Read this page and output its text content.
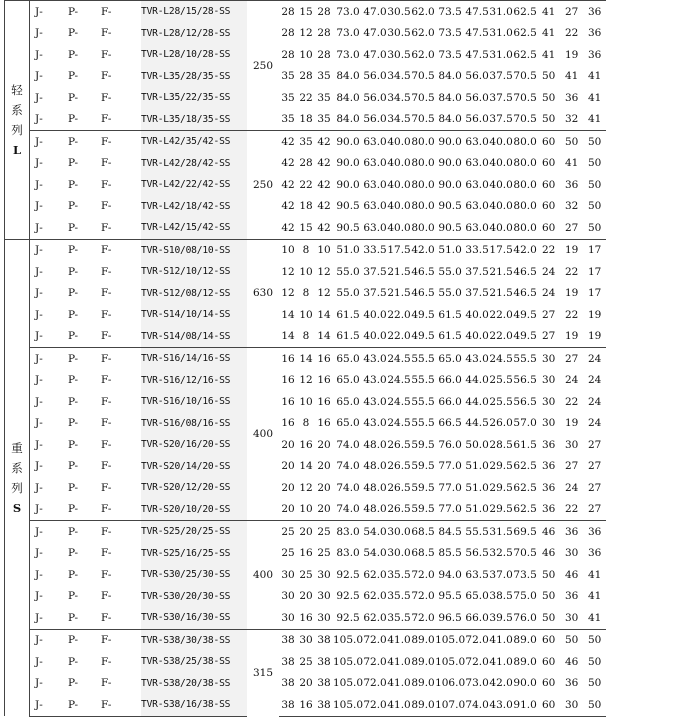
轻
系
列
L	J-	P-	F-	TVR-L28/15/28-SS	250	28	15	28	73.0	47.0	30.5	62.0	73.5	47.5	31.0	62.5	41	27	36
	J-	P-	F-	TVR-L28/12/28-SS		28	12	28	73.0	47.0	30.5	62.0	73.5	47.5	31.0	62.5	41	22	36
	J-	P-	F-	TVR-L28/10/28-SS		28	10	28	73.0	47.0	30.5	62.0	73.5	47.5	31.0	62.5	41	19	36
	J-	P-	F-	TVR-L35/28/35-SS		35	28	35	84.0	56.0	34.5	70.5	84.0	56.0	37.5	70.5	50	41	41
	J-	P-	F-	TVR-L35/22/35-SS		35	22	35	84.0	56.0	34.5	70.5	84.0	56.0	37.5	70.5	50	36	41
	J-	P-	F-	TVR-L35/18/35-SS		35	18	35	84.0	56.0	34.5	70.5	84.0	56.0	37.5	70.5	50	32	41
	J-	P-	F-	TVR-L42/35/42-SS	250	42	35	42	90.0	63.0	40.0	80.0	90.0	63.0	40.0	80.0	60	50	50
	J-	P-	F-	TVR-L42/28/42-SS		42	28	42	90.0	63.0	40.0	80.0	90.0	63.0	40.0	80.0	60	41	50
	J-	P-	F-	TVR-L42/22/42-SS		42	22	42	90.0	63.0	40.0	80.0	90.0	63.0	40.0	80.0	60	36	50
	J-	P-	F-	TVR-L42/18/42-SS		42	18	42	90.5	63.0	40.0	80.0	90.5	63.0	40.0	80.0	60	32	50
	J-	P-	F-	TVR-L42/15/42-SS		42	15	42	90.5	63.0	40.0	80.0	90.5	63.0	40.0	80.0	60	27	50

重
系
列
S	J-	P-	F-	TVR-S10/08/10-SS	630	10	8	10	51.0	33.5	17.5	42.0	51.0	33.5	17.5	42.0	22	19	17
	J-	P-	F-	TVR-S12/10/12-SS		12	10	12	55.0	37.5	21.5	46.5	55.0	37.5	21.5	46.5	24	22	17
	J-	P-	F-	TVR-S12/08/12-SS		12	8	12	55.0	37.5	21.5	46.5	55.0	37.5	21.5	46.5	24	19	17
	J-	P-	F-	TVR-S14/10/14-SS		14	10	14	61.5	40.0	22.0	49.5	61.5	40.0	22.0	49.5	27	22	19
	J-	P-	F-	TVR-S14/08/14-SS		14	8	14	61.5	40.0	22.0	49.5	61.5	40.0	22.0	49.5	27	19	19
	J-	P-	F-	TVR-S16/14/16-SS	400	16	14	16	65.0	43.0	24.5	55.5	65.0	43.0	24.5	55.5	30	27	24
	J-	P-	F-	TVR-S16/12/16-SS		16	12	16	65.0	43.0	24.5	55.5	66.0	44.0	25.5	56.5	30	24	24
	J-	P-	F-	TVR-S16/10/16-SS		16	10	16	65.0	43.0	24.5	55.5	66.0	44.0	25.5	56.5	30	22	24
	J-	P-	F-	TVR-S16/08/16-SS		16	8	16	65.0	43.0	24.5	55.5	66.5	44.5	26.0	57.0	30	19	24
	J-	P-	F-	TVR-S20/16/20-SS		20	16	20	74.0	48.0	26.5	59.5	76.0	50.0	28.5	61.5	36	30	27
	J-	P-	F-	TVR-S20/14/20-SS		20	14	20	74.0	48.0	26.5	59.5	77.0	51.0	29.5	62.5	36	27	27
	J-	P-	F-	TVR-S20/12/20-SS		20	12	20	74.0	48.0	26.5	59.5	77.0	51.0	29.5	62.5	36	24	27
	J-	P-	F-	TVR-S20/10/20-SS		20	10	20	74.0	48.0	26.5	59.5	77.0	51.0	29.5	62.5	36	22	27
	J-	P-	F-	TVR-S25/20/25-SS	400	25	20	25	83.0	54.0	30.0	68.5	84.5	55.5	31.5	69.5	46	36	36
	J-	P-	F-	TVR-S25/16/25-SS		25	16	25	83.0	54.0	30.0	68.5	85.5	56.5	32.5	70.5	46	30	36
	J-	P-	F-	TVR-S30/25/30-SS		30	25	30	92.5	62.0	35.5	72.0	94.0	63.5	37.0	73.5	50	46	41
	J-	P-	F-	TVR-S30/20/30-SS		30	20	30	92.5	62.0	35.5	72.0	95.5	65.0	38.5	75.0	50	36	41
	J-	P-	F-	TVR-S30/16/30-SS		30	16	30	92.5	62.0	35.5	72.0	96.5	66.0	39.5	76.0	50	30	41
	J-	P-	F-	TVR-S38/30/38-SS	315	38	30	38	105.0	72.0	41.0	89.0	105.0	72.0	41.0	89.0	60	50	50
	J-	P-	F-	TVR-S38/25/38-SS		38	25	38	105.0	72.0	41.0	89.0	105.0	72.0	41.0	89.0	60	46	50
	J-	P-	F-	TVR-S38/20/38-SS		38	20	38	105.0	72.0	41.0	89.0	106.0	73.0	42.0	90.0	60	36	50
	J-	P-	F-	TVR-S38/16/38-SS		38	16	38	105.0	72.0	41.0	89.0	107.0	74.0	43.0	91.0	60	30	50
